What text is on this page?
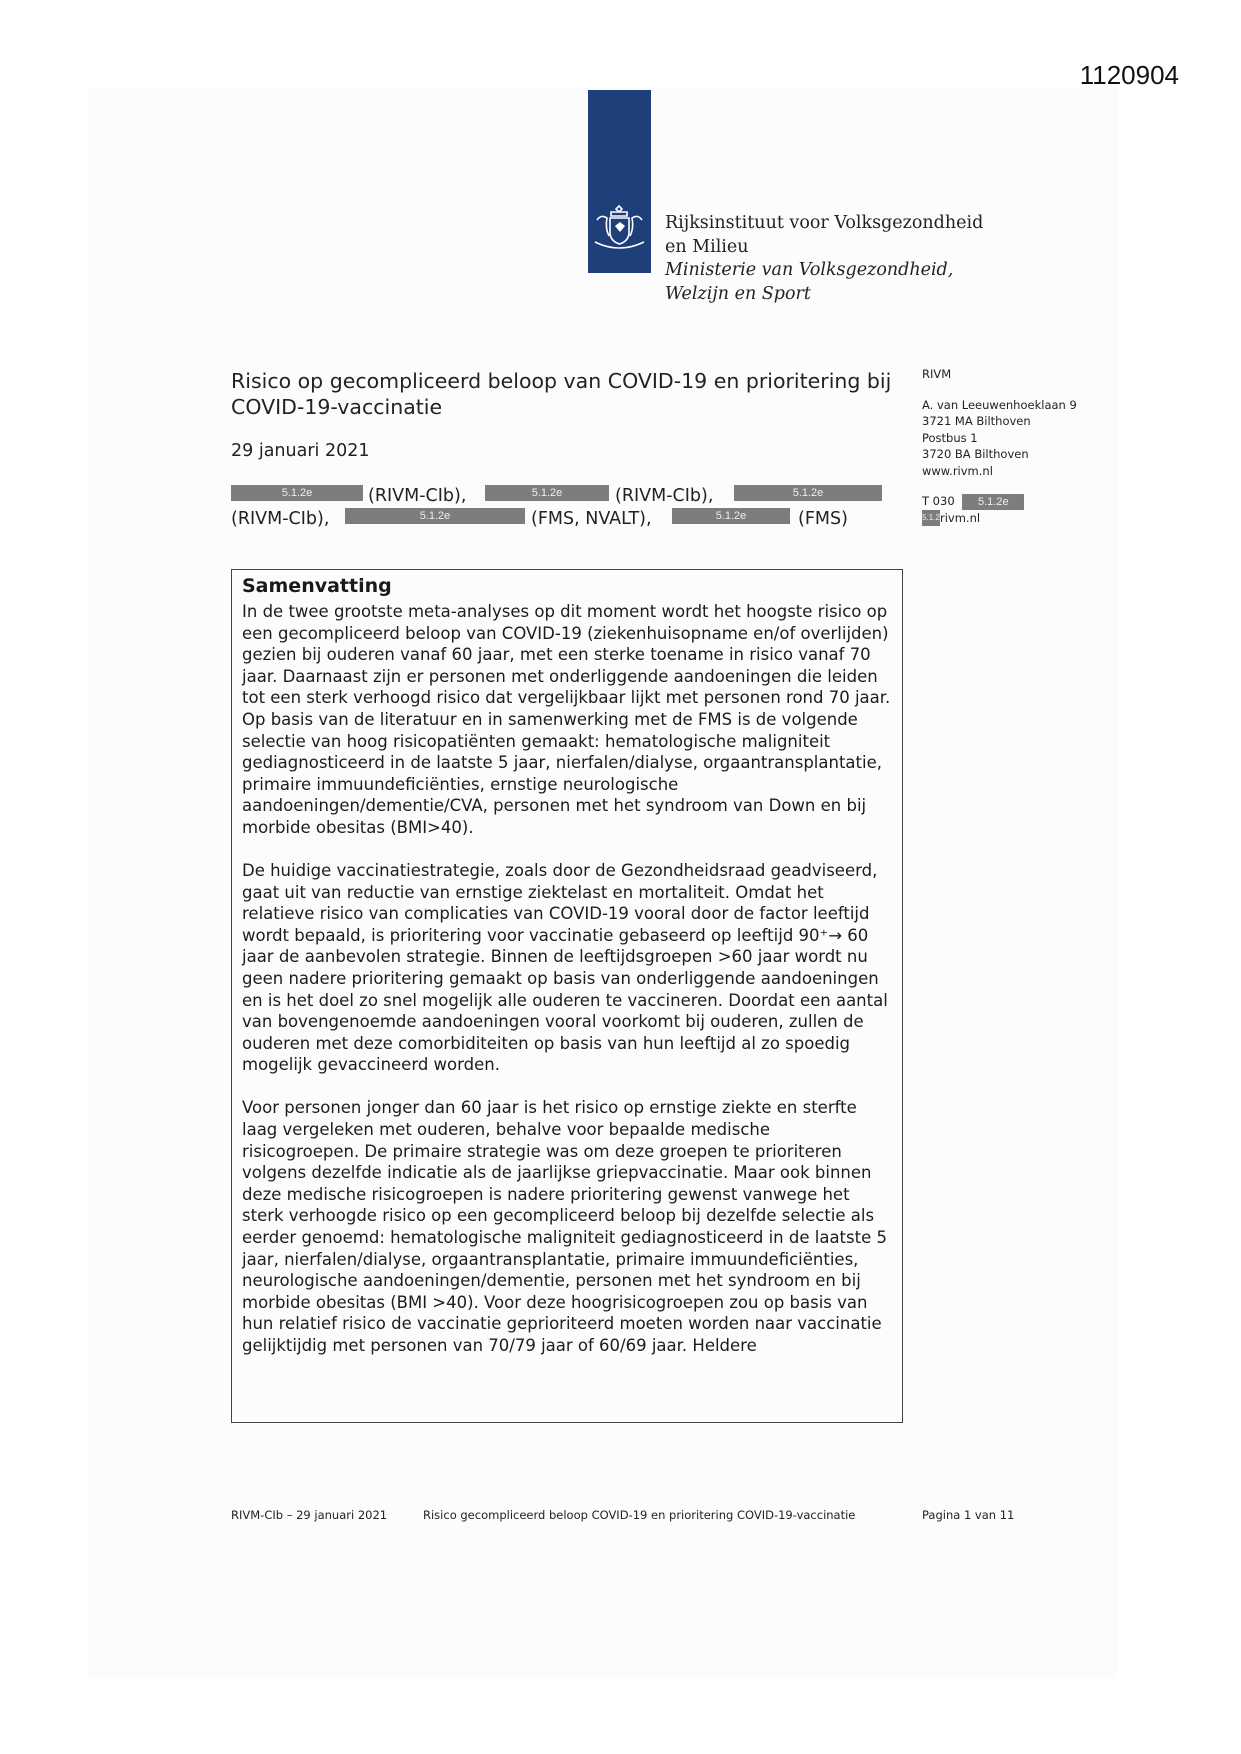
1120904
Rijksinstituut voor Volksgezondheid
en Milieu
Ministerie van Volksgezondheid,
Welzijn en Sport
Risico op gecompliceerd beloop van COVID-19 en prioritering bij COVID-19-vaccinatie
29 januari 2021
5.1.2e	(RIVM-CIb),	5.1.2e	(RIVM-CIb),	5.1.2e
(RIVM-CIb),	5.1.2e	(FMS, NVALT),	5.1.2e	(FMS)
RIVM
A. van Leeuwenhoeklaan 9
3721 MA Bilthoven
Postbus 1
3720 BA Bilthoven
www.rivm.nl
T 030 5.1.2e
5.1.2rivm.nl
Samenvatting

In de twee grootste meta-analyses op dit moment wordt het hoogste risico op een gecompliceerd beloop van COVID-19 (ziekenhuisopname en/of overlijden) gezien bij ouderen vanaf 60 jaar, met een sterke toename in risico vanaf 70 jaar. Daarnaast zijn er personen met onderliggende aandoeningen die leiden tot een sterk verhoogd risico dat vergelijkbaar lijkt met personen rond 70 jaar. Op basis van de literatuur en in samenwerking met de FMS is de volgende selectie van hoog risicopatiënten gemaakt: hematologische maligniteit gediagnosticeerd in de laatste 5 jaar, nierfalen/dialyse, orgaantransplantatie, primaire immuundeficiënties, ernstige neurologische aandoeningen/dementie/CVA, personen met het syndroom van Down en bij morbide obesitas (BMI>40).

De huidige vaccinatiestrategie, zoals door de Gezondheidsraad geadviseerd, gaat uit van reductie van ernstige ziektelast en mortaliteit. Omdat het relatieve risico van complicaties van COVID-19 vooral door de factor leeftijd wordt bepaald, is prioritering voor vaccinatie gebaseerd op leeftijd 90⁺→ 60 jaar de aanbevolen strategie. Binnen de leeftijdsgroepen >60 jaar wordt nu geen nadere prioritering gemaakt op basis van onderliggende aandoeningen en is het doel zo snel mogelijk alle ouderen te vaccineren. Doordat een aantal van bovengenoemde aandoeningen vooral voorkomt bij ouderen, zullen de ouderen met deze comorbiditeiten op basis van hun leeftijd al zo spoedig mogelijk gevaccineerd worden.

Voor personen jonger dan 60 jaar is het risico op ernstige ziekte en sterfte laag vergeleken met ouderen, behalve voor bepaalde medische risicogroepen. De primaire strategie was om deze groepen te prioriteren volgens dezelfde indicatie als de jaarlijkse griepvaccinatie. Maar ook binnen deze medische risicogroepen is nadere prioritering gewenst vanwege het sterk verhoogde risico op een gecompliceerd beloop bij dezelfde selectie als eerder genoemd: hematologische maligniteit gediagnosticeerd in de laatste 5 jaar, nierfalen/dialyse, orgaantransplantatie, primaire immuundeficiënties, neurologische aandoeningen/dementie, personen met het syndroom en bij morbide obesitas (BMI >40). Voor deze hoogrisicogroepen zou op basis van hun relatief risico de vaccinatie geprioriteerd moeten worden naar vaccinatie gelijktijdig met personen van 70/79 jaar of 60/69 jaar. Heldere

RIVM-CIb – 29 januari 2021	Risico gecompliceerd beloop COVID-19 en prioritering COVID-19-vaccinatie	Pagina 1 van 11
